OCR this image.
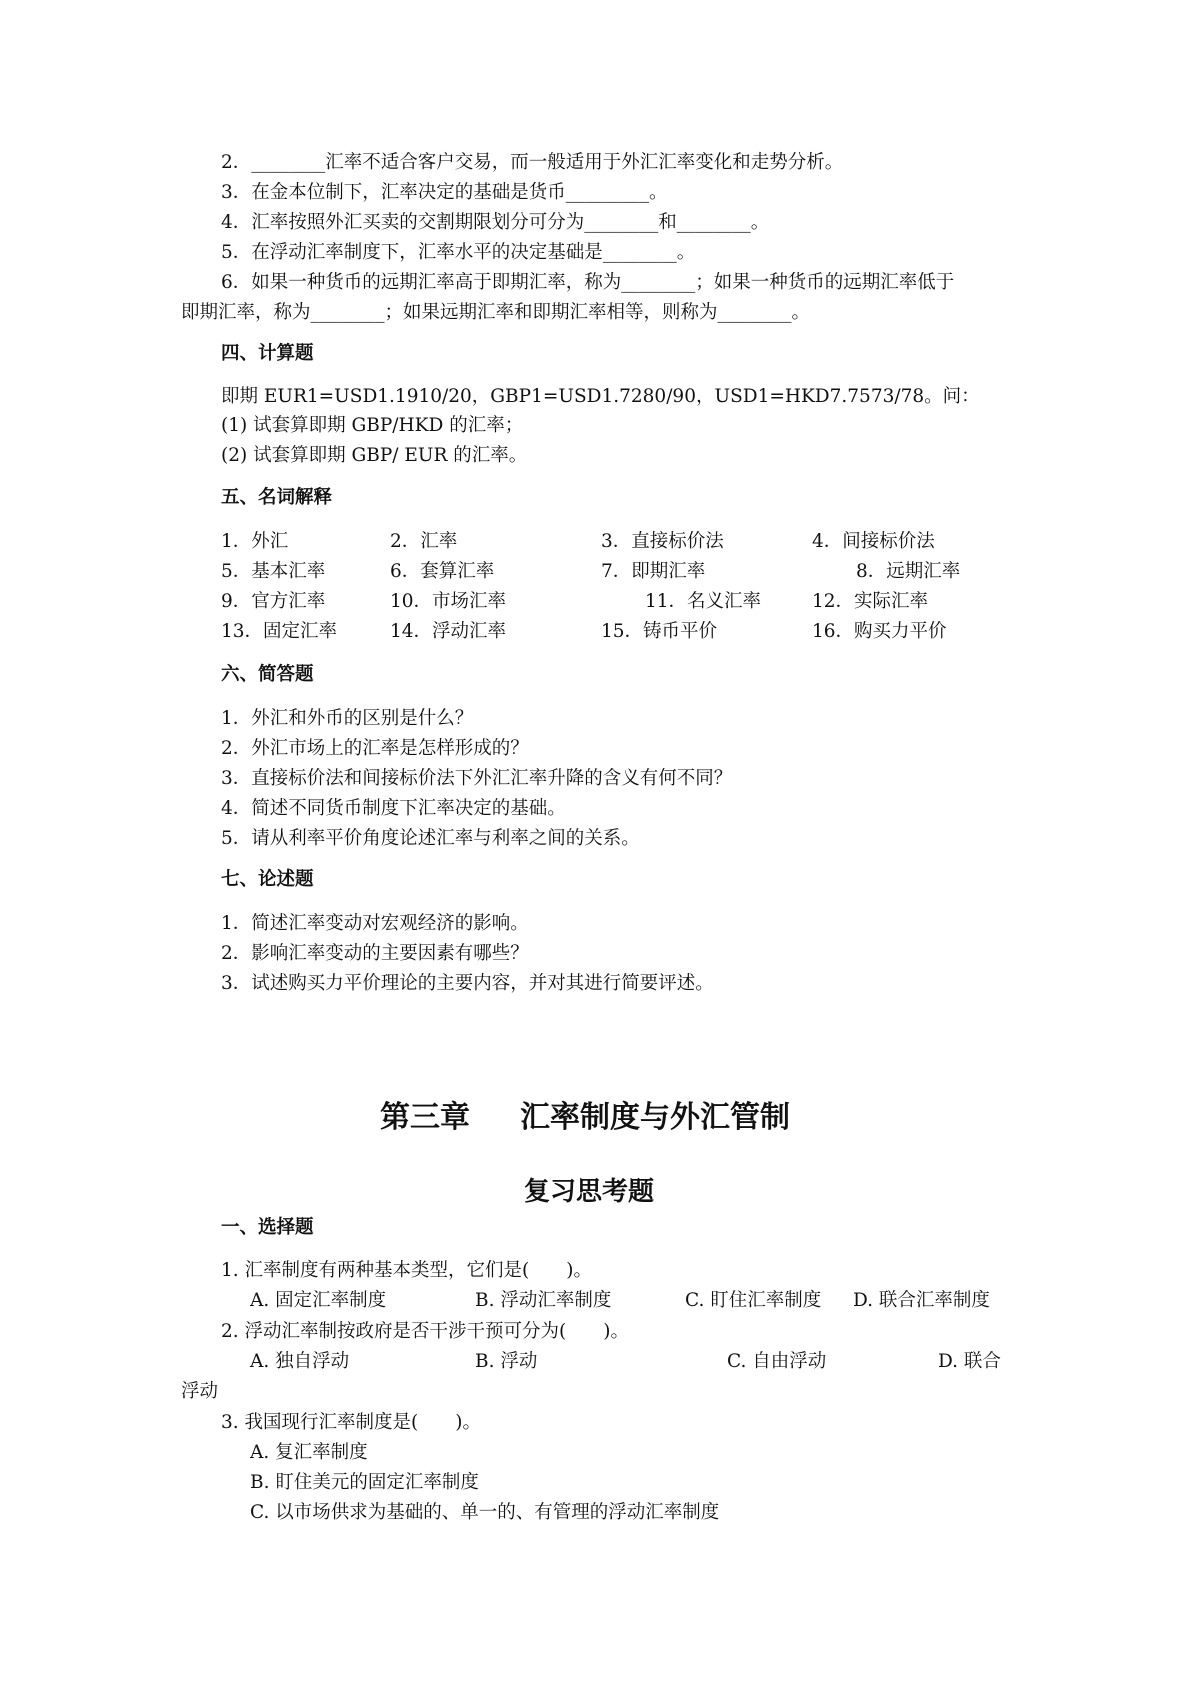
2．________汇率不适合客户交易，而一般适用于外汇汇率变化和走势分析。
3．在金本位制下，汇率决定的基础是货币_________。
4．汇率按照外汇买卖的交割期限划分可分为________和________。
5．在浮动汇率制度下，汇率水平的决定基础是________。
6．如果一种货币的远期汇率高于即期汇率，称为________；如果一种货币的远期汇率低于
即期汇率，称为________；如果远期汇率和即期汇率相等，则称为________。
四、计算题
即期 EUR1=USD1.1910/20，GBP1=USD1.7280/90，USD1=HKD7.7573/78。问：
(1) 试套算即期 GBP/HKD 的汇率；
(2) 试套算即期 GBP/ EUR 的汇率。
五、名词解释
1．外汇	2．汇率	3．直接标价法	4．间接标价法
5．基本汇率	6．套算汇率	7．即期汇率	8．远期汇率
9．官方汇率	10．市场汇率	11．名义汇率	12．实际汇率
13．固定汇率	14．浮动汇率	15．铸币平价	16．购买力平价
六、简答题
1．外汇和外币的区别是什么？
2．外汇市场上的汇率是怎样形成的？
3．直接标价法和间接标价法下外汇汇率升降的含义有何不同？
4．简述不同货币制度下汇率决定的基础。
5．请从利率平价角度论述汇率与利率之间的关系。
七、论述题
1．简述汇率变动对宏观经济的影响。
2．影响汇率变动的主要因素有哪些？
3．试述购买力平价理论的主要内容，并对其进行简要评述。
第三章 汇率制度与外汇管制
复习思考题
一、选择题
1. 汇率制度有两种基本类型，它们是(　　)。
A. 固定汇率制度	B. 浮动汇率制度	C. 盯住汇率制度 D. 联合汇率制度
2. 浮动汇率制按政府是否干涉干预可分为(　　)。
A. 独自浮动	B. 浮动	C. 自由浮动	D. 联合
浮动
3. 我国现行汇率制度是(　　)。
A. 复汇率制度
B. 盯住美元的固定汇率制度
C. 以市场供求为基础的、单一的、有管理的浮动汇率制度
